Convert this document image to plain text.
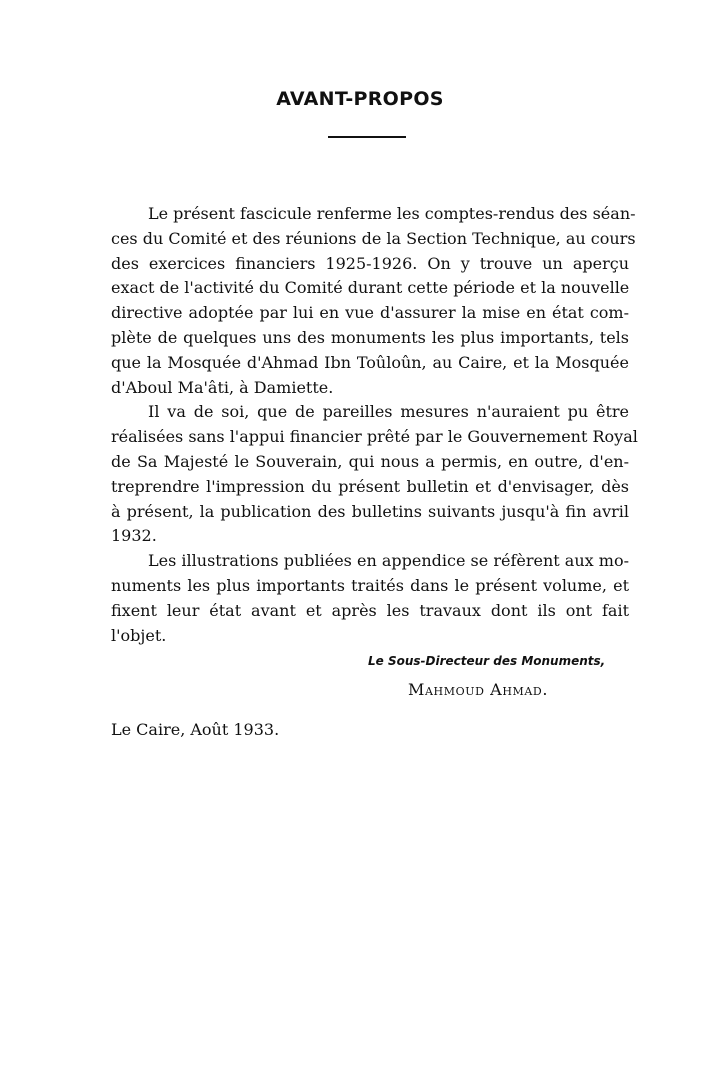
AVANT-PROPOS
Le présent fascicule renferme les comptes-rendus des séan-
ces du Comité et des réunions de la Section Technique, au cours
des exercices financiers 1925-1926. On y trouve un aperçu
exact de l'activité du Comité durant cette période et la nouvelle
directive adoptée par lui en vue d'assurer la mise en état com-
plète de quelques uns des monuments les plus importants, tels
que la Mosquée d'Ahmad Ibn Toûloûn, au Caire, et la Mosquée
d'Aboul Ma'âti, à Damiette.
Il va de soi, que de pareilles mesures n'auraient pu être
réalisées sans l'appui financier prêté par le Gouvernement Royal
de Sa Majesté le Souverain, qui nous a permis, en outre, d'en-
treprendre l'impression du présent bulletin et d'envisager, dès
à présent, la publication des bulletins suivants jusqu'à fin avril
1932.
Les illustrations publiées en appendice se réfèrent aux mo-
numents les plus importants traités dans le présent volume, et
fixent leur état avant et après les travaux dont ils ont fait
l'objet.
Le Sous-Directeur des Monuments,
Mahmoud Ahmad.
Le Caire, Août 1933.
